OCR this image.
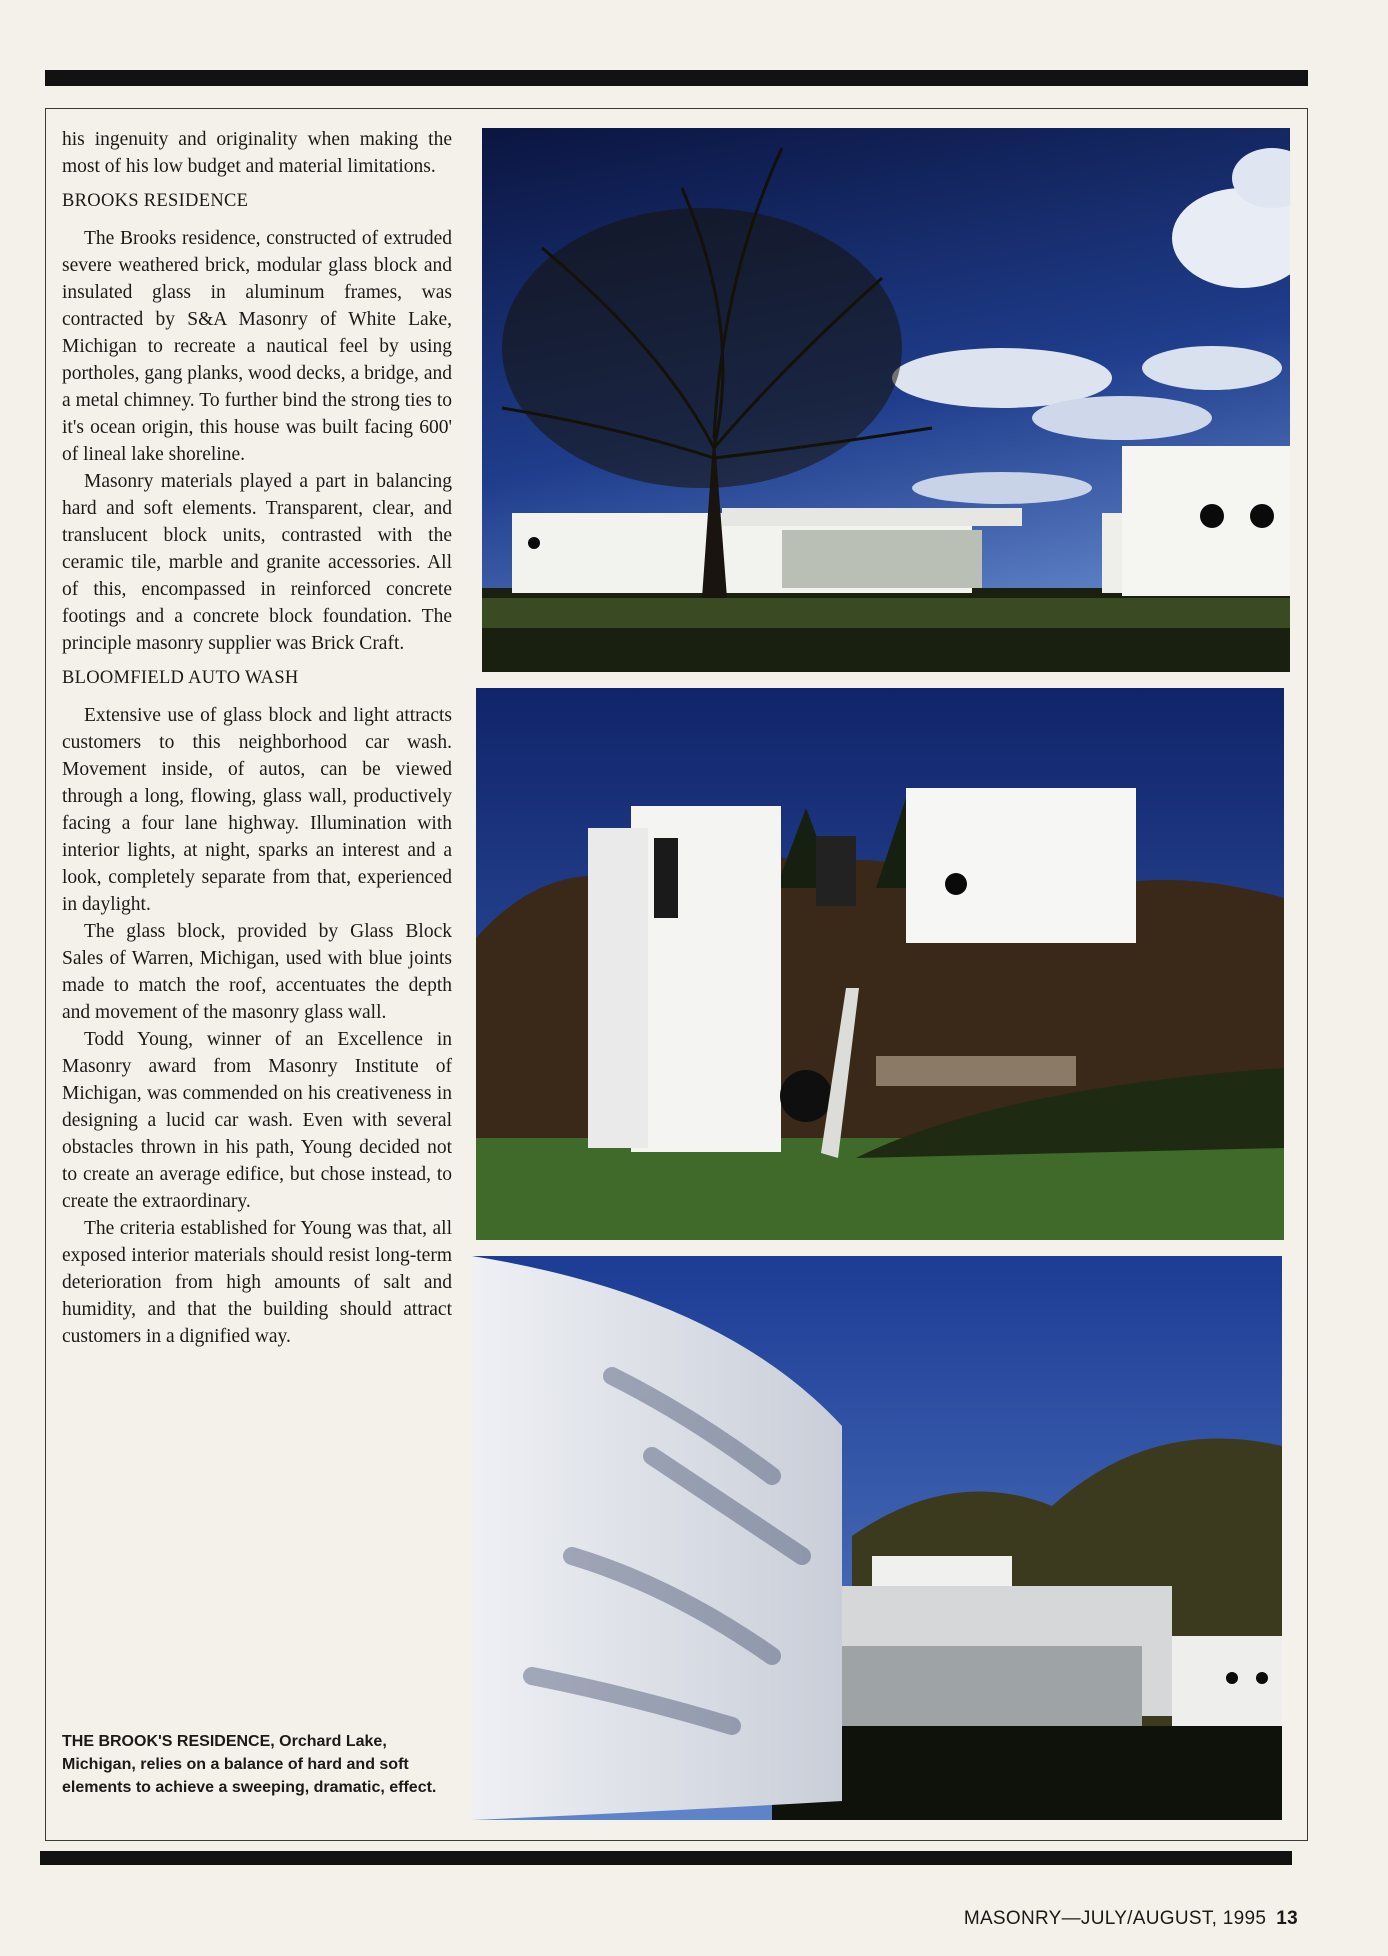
his ingenuity and originality when making the most of his low budget and material limitations.

BROOKS RESIDENCE

The Brooks residence, constructed of extruded severe weathered brick, modular glass block and insulated glass in aluminum frames, was contracted by S&A Masonry of White Lake, Michigan to recreate a nautical feel by using portholes, gang planks, wood decks, a bridge, and a metal chimney. To further bind the strong ties to it's ocean origin, this house was built facing 600' of lineal lake shoreline.

Masonry materials played a part in balancing hard and soft elements. Transparent, clear, and translucent block units, contrasted with the ceramic tile, marble and granite accessories. All of this, encompassed in reinforced concrete footings and a concrete block foundation. The principle masonry supplier was Brick Craft.

BLOOMFIELD AUTO WASH

Extensive use of glass block and light attracts customers to this neighborhood car wash. Movement inside, of autos, can be viewed through a long, flowing, glass wall, productively facing a four lane highway. Illumination with interior lights, at night, sparks an interest and a look, completely separate from that, experienced in daylight.

The glass block, provided by Glass Block Sales of Warren, Michigan, used with blue joints made to match the roof, accentuates the depth and movement of the masonry glass wall.

Todd Young, winner of an Excellence in Masonry award from Masonry Institute of Michigan, was commended on his creativeness in designing a lucid car wash. Even with several obstacles thrown in his path, Young decided not to create an average edifice, but chose instead, to create the extraordinary.

The criteria established for Young was that, all exposed interior materials should resist long-term deterioration from high amounts of salt and humidity, and that the building should attract customers in a dignified way.

THE BROOK'S RESIDENCE, Orchard Lake, Michigan, relies on a balance of hard and soft elements to achieve a sweeping, dramatic, effect.
MASONRY—JULY/AUGUST, 1995 13
